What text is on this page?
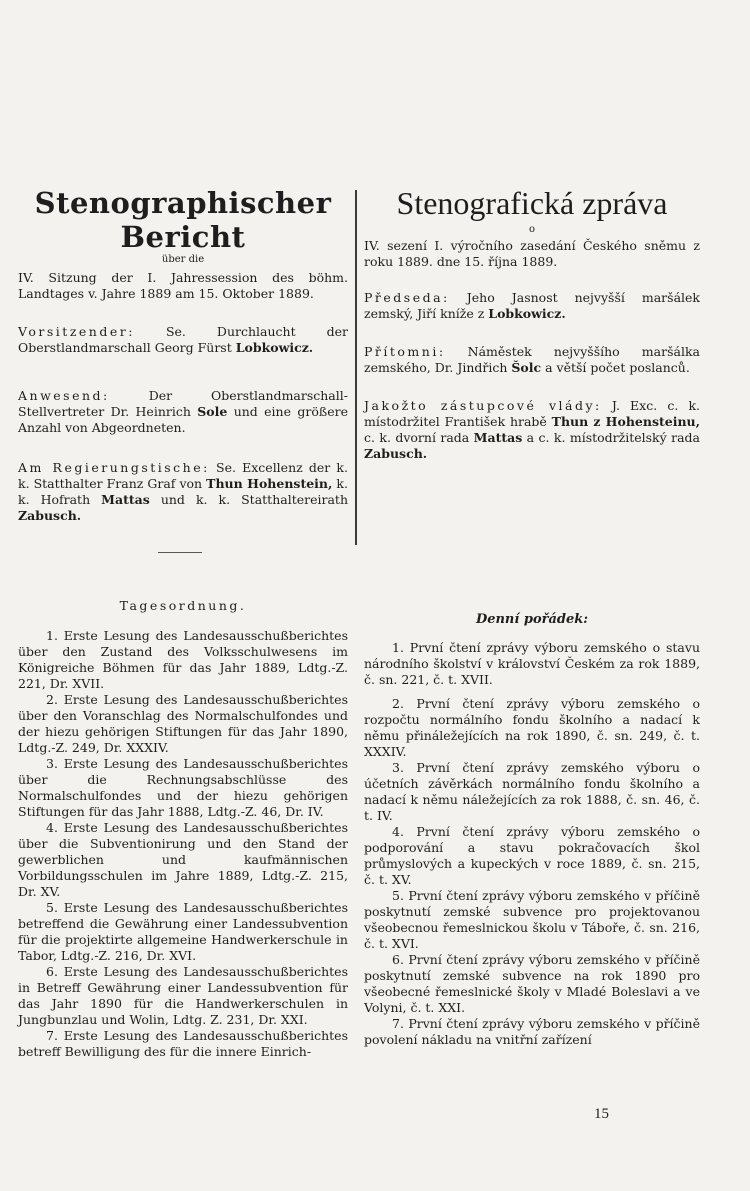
Stenographischer Bericht

über die

IV. Sitzung der I. Jahressession des böhm. Landtages v. Jahre 1889 am 15. Oktober 1889.

Vorsitzender: Se. Durchlaucht der Oberstlandmarschall Georg Fürst Lobkowicz.

Anwesend:	Der Oberstlandmarschall-Stellvertreter Dr. Heinrich Sole und eine größere Anzahl von Abgeordneten.

Am Regierungstische: Se. Excellenz der k. k. Statthalter Franz Graf von Thun Hohenstein, k. k. Hofrath Mattas und k. k. Statthaltereirath Zabusch.

Tagesordnung.

1. Erste Lesung des Landesausschußberichtes über den Zustand des Volksschulwesens im Königreiche Böhmen für das Jahr 1889, Ldtg.-Z. 221, Dr. XVII.

2. Erste Lesung des Landesausschußberichtes über den Voranschlag des Normalschulfondes und der hiezu gehörigen Stiftungen für das Jahr 1890, Ldtg.-Z. 249, Dr. XXXIV.

3. Erste Lesung des Landesausschußberichtes über die Rechnungsabschlüsse des Normalschulfondes und der hiezu gehörigen Stiftungen für das Jahr 1888, Ldtg.-Z. 46, Dr. IV.

4. Erste Lesung des Landesausschußberichtes über die Subventionirung und den Stand der gewerblichen und kaufmännischen Vorbildungsschulen im Jahre 1889, Ldtg.-Z. 215, Dr. XV.

5. Erste Lesung des Landesausschußberichtes betreffend die Gewährung einer Landessubvention für die projektirte allgemeine Handwerkerschule in Tabor, Ldtg.-Z. 216, Dr. XVI.

6. Erste Lesung des Landesausschußberichtes in Betreff Gewährung einer Landessubvention für das Jahr 1890 für die Handwerkerschulen in Jungbunzlau und Wolin, Ldtg. Z. 231, Dr. XXI.

7. Erste Lesung des Landesausschußberichtes betreff Bewilligung des für die innere Einrich-

Stenografická zpráva

o

IV. sezení I. výročního zasedání Českého sněmu z roku 1889. dne 15. října 1889.

Předseda: Jeho Jasnost nejvyšší maršálek zemský, Jiří kníže z Lobkowicz.

Přítomni: Náměstek nejvyššího maršálka zemského, Dr. Jindřich Šolc a větší počet poslanců.

Jakožto zástupcové vlády: J. Exc. c. k. místodržitel František hrabě Thun z Hohensteinu, c. k. dvorní rada Mattas a c. k. místodržitelský rada Zabusch.

Denní pořádek:

1. První čtení zprávy výboru zemského o stavu národního školství v království Českém za rok 1889, č. sn. 221, č. t. XVII.

2. První čtení zprávy výboru zemského o rozpočtu normálního fondu školního a nadací k němu přináležejících na rok 1890, č. sn. 249, č. t. XXXIV.

3. První čtení zprávy zemského výboru o účetních závěrkách normálního fondu školního a nadací k němu náležejících za rok 1888, č. sn. 46, č. t. IV.

4. První čtení zprávy výboru zemského o podporování a stavu pokračovacích škol průmyslových a kupeckých v roce 1889, č. sn. 215, č. t. XV.

5. První čtení zprávy výboru zemského v příčině poskytnutí zemské subvence pro projektovanou všeobecnou řemeslnickou školu v Táboře, č. sn. 216, č. t. XVI.

6. První čtení zprávy výboru zemského v příčině poskytnutí zemské subvence na rok 1890 pro všeobecné řemeslnické školy v Mladé Boleslavi a ve Volyni, č. t. XXI.

7. První čtení zprávy výboru zemského v příčině povolení nákladu na vnitřní zařízení

15
